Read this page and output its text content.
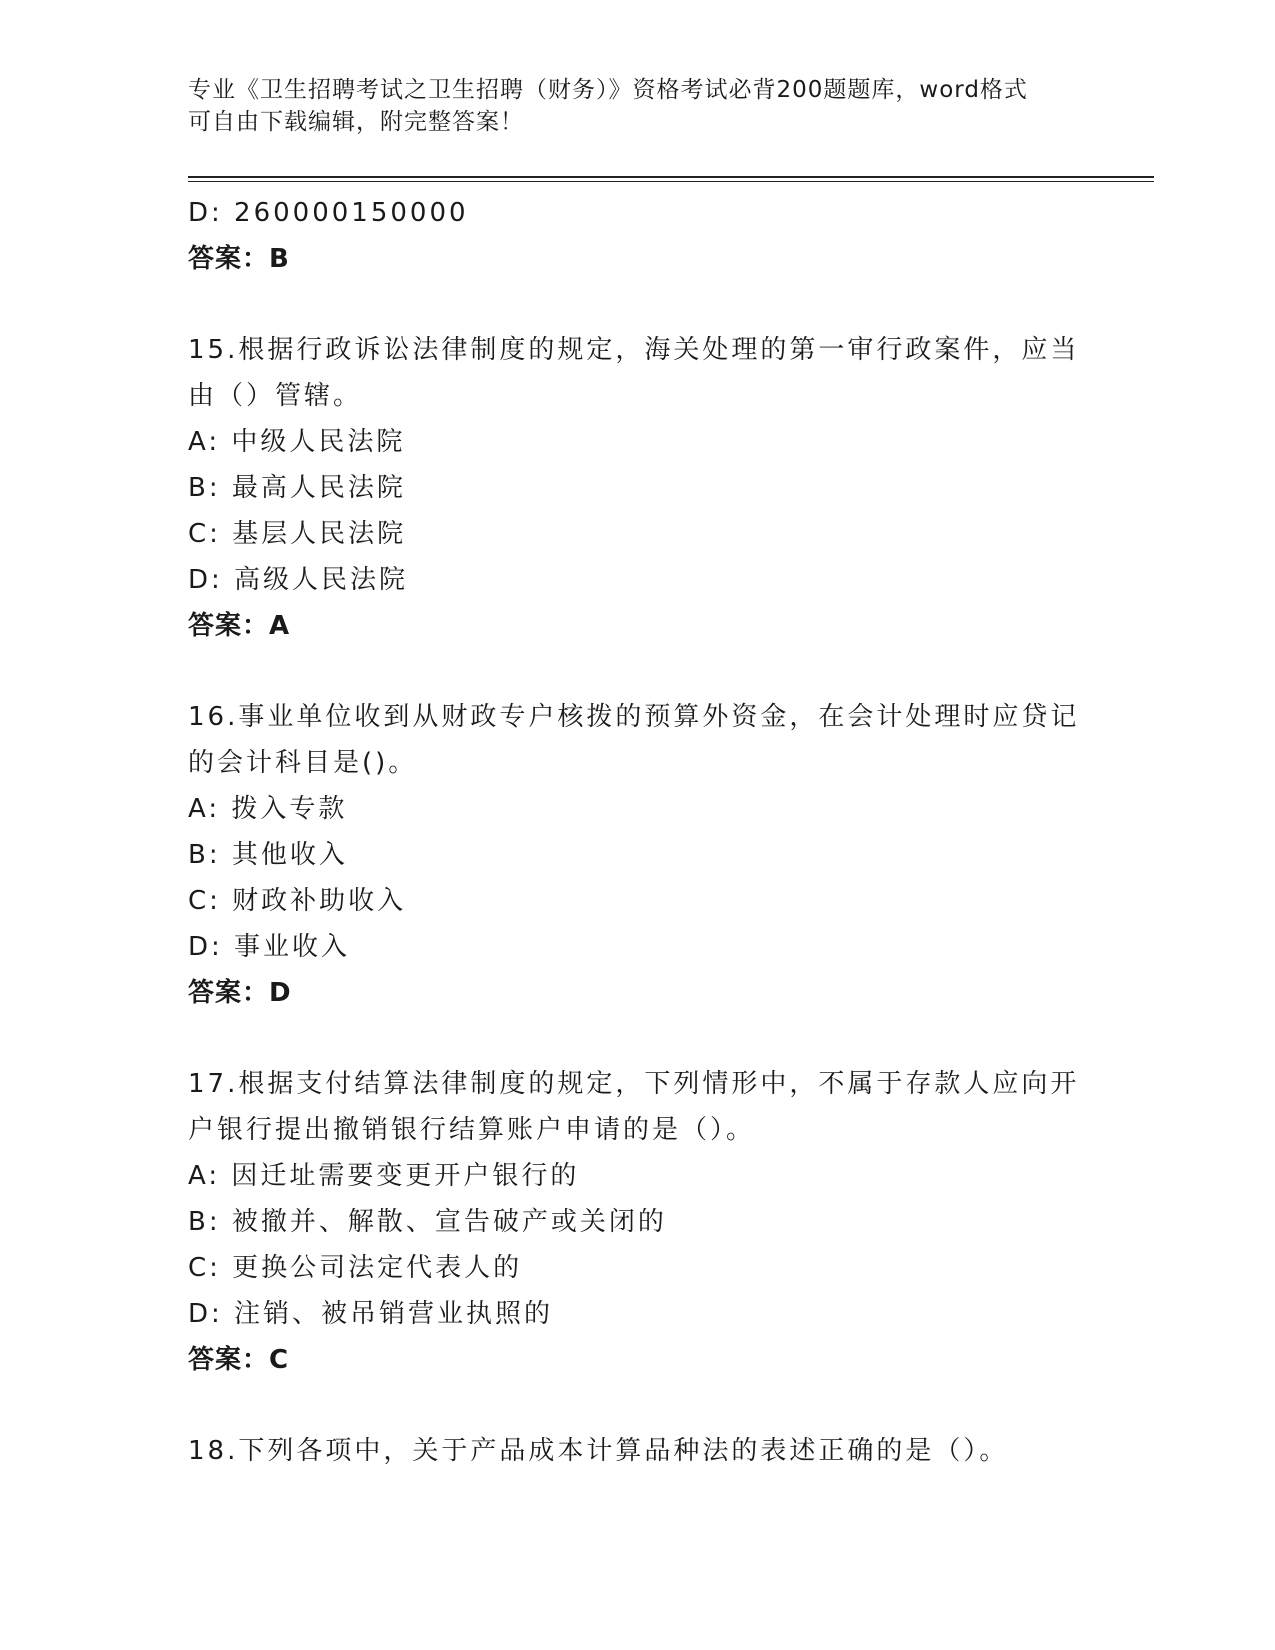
专业《卫生招聘考试之卫生招聘（财务）》资格考试必背200题题库，word格式
可自由下载编辑，附完整答案！
D: 260000150000
答案：B
15.根据行政诉讼法律制度的规定，海关处理的第一审行政案件，应当
由（）管辖。
A: 中级人民法院
B: 最高人民法院
C: 基层人民法院
D: 高级人民法院
答案：A
16.事业单位收到从财政专户核拨的预算外资金，在会计处理时应贷记
的会计科目是()。
A: 拨入专款
B: 其他收入
C: 财政补助收入
D: 事业收入
答案：D
17.根据支付结算法律制度的规定，下列情形中，不属于存款人应向开
户银行提出撤销银行结算账户申请的是（）。
A: 因迁址需要变更开户银行的
B: 被撤并、解散、宣告破产或关闭的
C: 更换公司法定代表人的
D: 注销、被吊销营业执照的
答案：C
18.下列各项中，关于产品成本计算品种法的表述正确的是（）。
